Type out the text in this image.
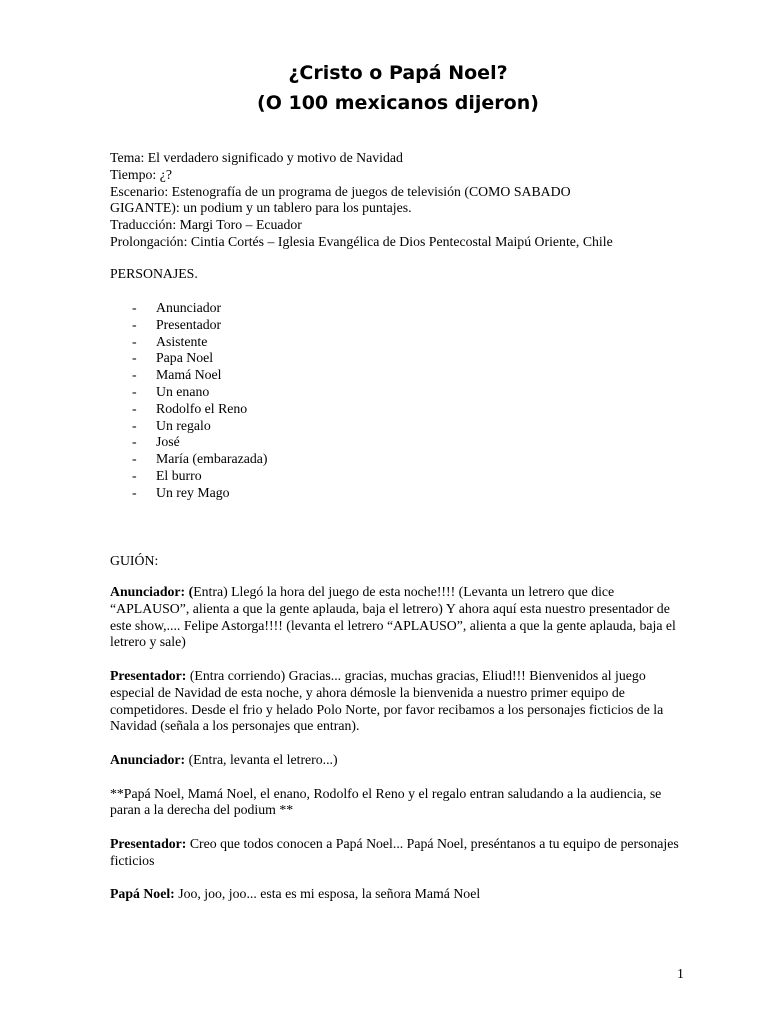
¿Cristo o Papá Noel?
(O 100 mexicanos dijeron)
Tema: El verdadero significado y motivo de Navidad
Tiempo: ¿?
Escenario: Estenografía de un programa de juegos de televisión (COMO SABADO
GIGANTE): un podium y un tablero para los puntajes.
Traducción: Margi Toro – Ecuador
Prolongación: Cintia Cortés – Iglesia Evangélica de Dios Pentecostal Maipú Oriente, Chile
PERSONAJES.
- Anunciador
- Presentador
- Asistente
- Papa Noel
- Mamá Noel
- Un enano
- Rodolfo el Reno
- Un regalo
- José
- María (embarazada)
- El burro
- Un rey Mago
GUIÓN:

Anunciador: (Entra) Llegó la hora del juego de esta noche!!!! (Levanta un letrero que dice “APLAUSO”, alienta a que la gente aplauda, baja el letrero) Y ahora aquí esta nuestro presentador de este show,.... Felipe Astorga!!!! (levanta el letrero “APLAUSO”, alienta a que la gente aplauda, baja el letrero y sale)

Presentador: (Entra corriendo) Gracias... gracias, muchas gracias, Eliud!!! Bienvenidos al juego especial de Navidad de esta noche, y ahora démosle la bienvenida a nuestro primer equipo de competidores. Desde el frio y helado Polo Norte, por favor recibamos a los personajes ficticios de la Navidad (señala a los personajes que entran).

Anunciador: (Entra, levanta el letrero...)

**Papá Noel, Mamá Noel, el enano, Rodolfo el Reno y el regalo entran saludando a la audiencia, se paran a la derecha del podium **

Presentador: Creo que todos conocen a Papá Noel... Papá Noel, preséntanos a tu equipo de personajes ficticios

Papá Noel: Joo, joo, joo... esta es mi esposa, la señora Mamá Noel

1
